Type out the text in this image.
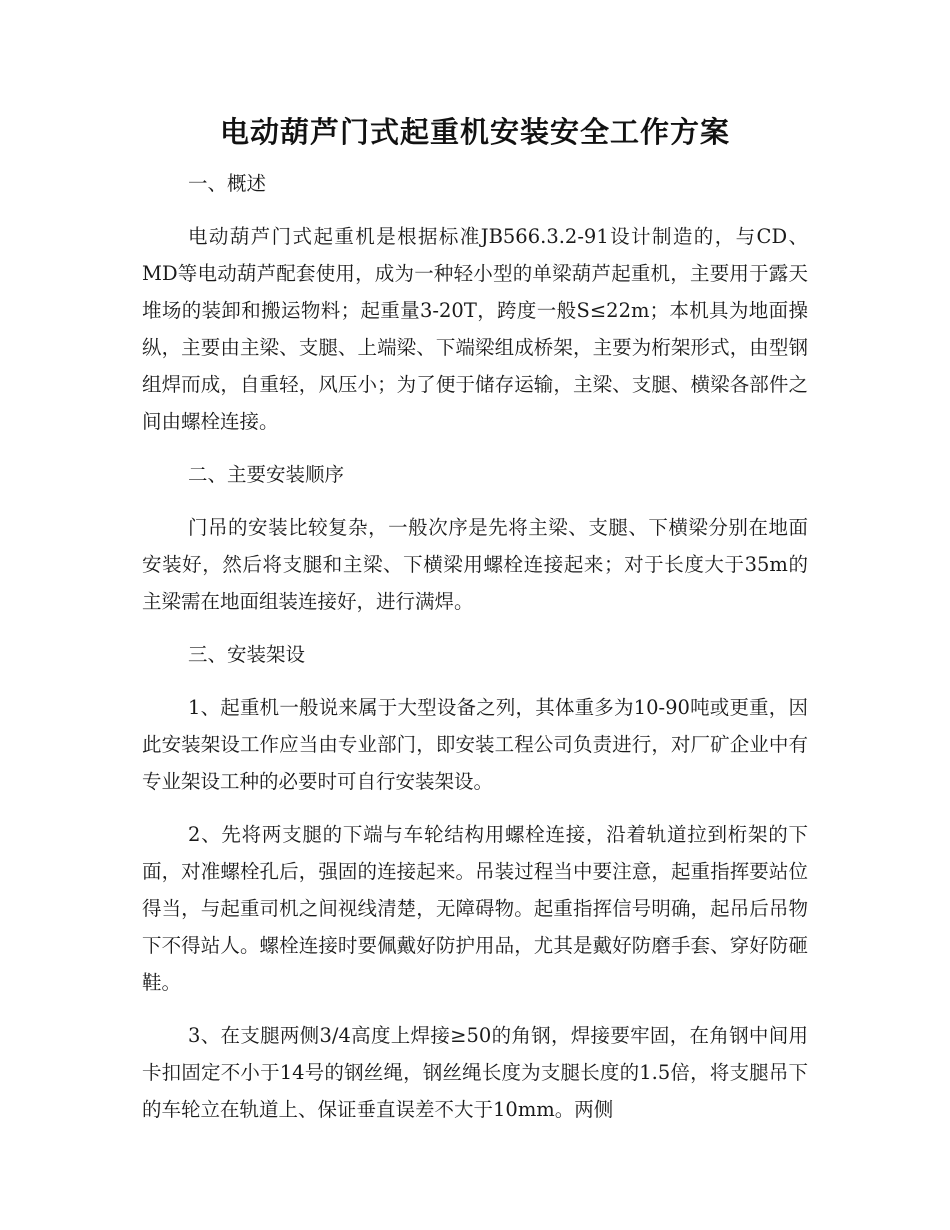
电动葫芦门式起重机安装安全工作方案

一、概述

电动葫芦门式起重机是根据标准JB566.3.2-91设计制造的，与CD、MD等电动葫芦配套使用，成为一种轻小型的单梁葫芦起重机，主要用于露天堆场的装卸和搬运物料；起重量3-20T，跨度一般S≤22m；本机具为地面操纵，主要由主梁、支腿、上端梁、下端梁组成桥架，主要为桁架形式，由型钢组焊而成，自重轻，风压小；为了便于储存运输，主梁、支腿、横梁各部件之间由螺栓连接。

二、主要安装顺序

门吊的安装比较复杂，一般次序是先将主梁、支腿、下横梁分别在地面安装好，然后将支腿和主梁、下横梁用螺栓连接起来；对于长度大于35m的主梁需在地面组装连接好，进行满焊。

三、安装架设

1、起重机一般说来属于大型设备之列，其体重多为10-90吨或更重，因此安装架设工作应当由专业部门，即安装工程公司负责进行，对厂矿企业中有专业架设工种的必要时可自行安装架设。

2、先将两支腿的下端与车轮结构用螺栓连接，沿着轨道拉到桁架的下面，对准螺栓孔后，强固的连接起来。吊装过程当中要注意，起重指挥要站位得当，与起重司机之间视线清楚，无障碍物。起重指挥信号明确，起吊后吊物下不得站人。螺栓连接时要佩戴好防护用品，尤其是戴好防磨手套、穿好防砸鞋。

3、在支腿两侧3/4高度上焊接≥50的角钢，焊接要牢固，在角钢中间用卡扣固定不小于14号的钢丝绳，钢丝绳长度为支腿长度的1.5倍，将支腿吊下的车轮立在轨道上、保证垂直误差不大于10mm。两侧
